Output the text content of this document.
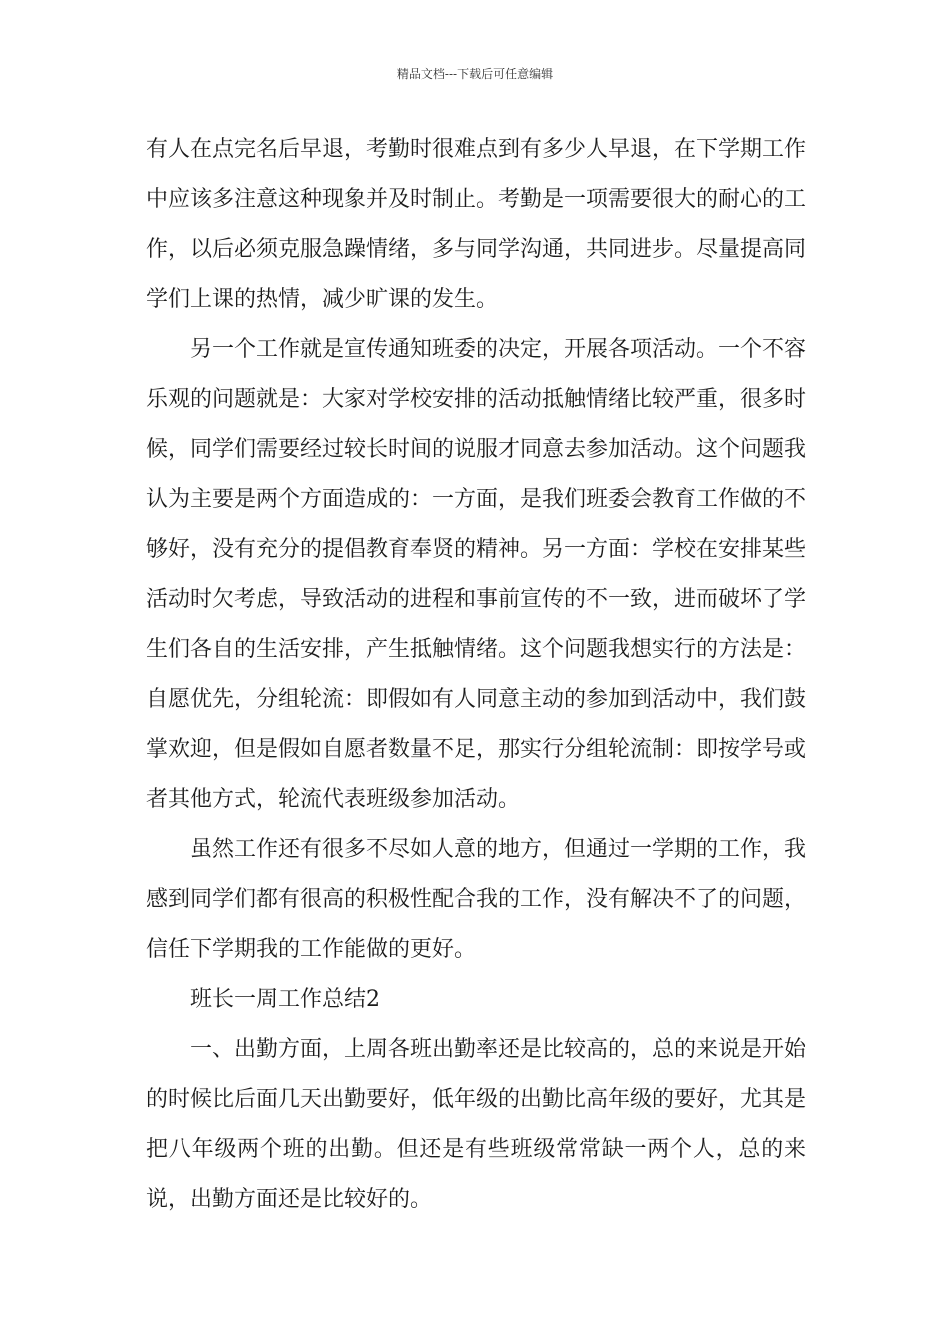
精品文档---下载后可任意编辑

有人在点完名后早退，考勤时很难点到有多少人早退，在下学期工作中应该多注意这种现象并及时制止。考勤是一项需要很大的耐心的工作，以后必须克服急躁情绪，多与同学沟通，共同进步。尽量提高同学们上课的热情，减少旷课的发生。

另一个工作就是宣传通知班委的决定，开展各项活动。一个不容乐观的问题就是：大家对学校安排的活动抵触情绪比较严重，很多时候，同学们需要经过较长时间的说服才同意去参加活动。这个问题我认为主要是两个方面造成的：一方面，是我们班委会教育工作做的不够好，没有充分的提倡教育奉贤的精神。另一方面：学校在安排某些活动时欠考虑，导致活动的进程和事前宣传的不一致，进而破坏了学生们各自的生活安排，产生抵触情绪。这个问题我想实行的方法是：自愿优先，分组轮流：即假如有人同意主动的参加到活动中，我们鼓掌欢迎，但是假如自愿者数量不足，那实行分组轮流制：即按学号或者其他方式，轮流代表班级参加活动。

虽然工作还有很多不尽如人意的地方，但通过一学期的工作，我感到同学们都有很高的积极性配合我的工作，没有解决不了的问题，信任下学期我的工作能做的更好。

班长一周工作总结2

一、出勤方面，上周各班出勤率还是比较高的，总的来说是开始的时候比后面几天出勤要好，低年级的出勤比高年级的要好，尤其是把八年级两个班的出勤。但还是有些班级常常缺一两个人，总的来说，出勤方面还是比较好的。
